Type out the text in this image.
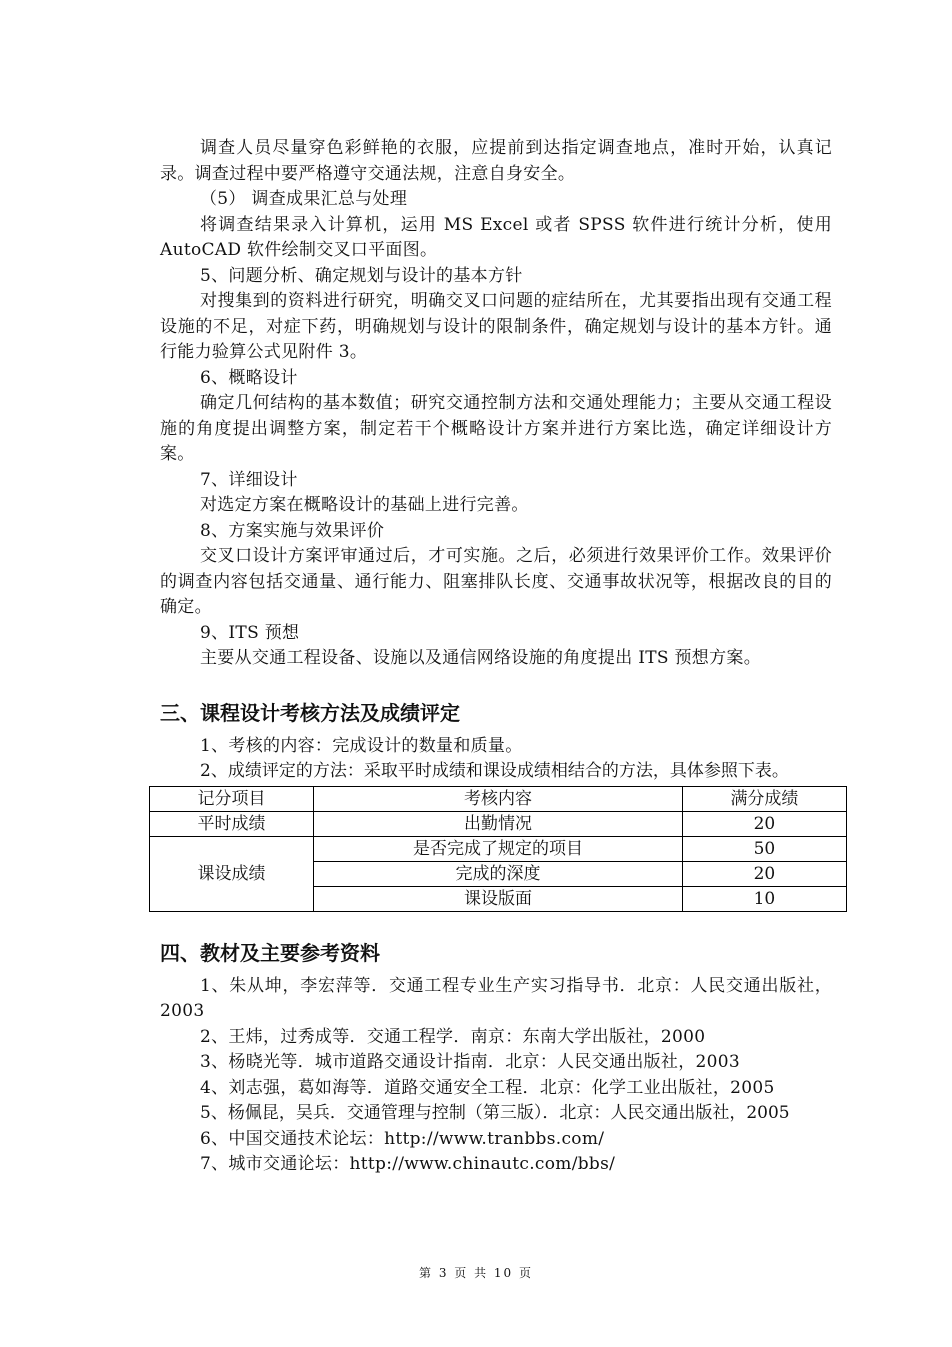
调查人员尽量穿色彩鲜艳的衣服，应提前到达指定调查地点，准时开始，认真记录。调查过程中要严格遵守交通法规，注意自身安全。

（5） 调查成果汇总与处理

将调查结果录入计算机，运用 MS Excel 或者 SPSS 软件进行统计分析，使用 AutoCAD 软件绘制交叉口平面图。

5、问题分析、确定规划与设计的基本方针

对搜集到的资料进行研究，明确交叉口问题的症结所在，尤其要指出现有交通工程设施的不足，对症下药，明确规划与设计的限制条件，确定规划与设计的基本方针。通行能力验算公式见附件 3。

6、概略设计

确定几何结构的基本数值；研究交通控制方法和交通处理能力；主要从交通工程设施的角度提出调整方案，制定若干个概略设计方案并进行方案比选，确定详细设计方案。

7、详细设计

对选定方案在概略设计的基础上进行完善。

8、方案实施与效果评价

交叉口设计方案评审通过后，才可实施。之后，必须进行效果评价工作。效果评价的调查内容包括交通量、通行能力、阻塞排队长度、交通事故状况等，根据改良的目的确定。

9、ITS 预想

主要从交通工程设备、设施以及通信网络设施的角度提出 ITS 预想方案。

三、课程设计考核方法及成绩评定

1、考核的内容：完成设计的数量和质量。

2、成绩评定的方法：采取平时成绩和课设成绩相结合的方法，具体参照下表。

记分项目	考核内容	满分成绩
平时成绩	出勤情况	20
课设成绩	是否完成了规定的项目	50
	完成的深度	20
	课设版面	10
四、教材及主要参考资料

1、朱从坤，李宏萍等．交通工程专业生产实习指导书．北京：人民交通出版社，2003

2、王炜，过秀成等．交通工程学．南京：东南大学出版社，2000

3、杨晓光等．城市道路交通设计指南．北京：人民交通出版社，2003

4、刘志强，葛如海等．道路交通安全工程．北京：化学工业出版社，2005

5、杨佩昆，吴兵．交通管理与控制（第三版）．北京：人民交通出版社，2005

6、中国交通技术论坛：http://www.tranbbs.com/

7、城市交通论坛：http://www.chinautc.com/bbs/

第 3 页 共 10 页
